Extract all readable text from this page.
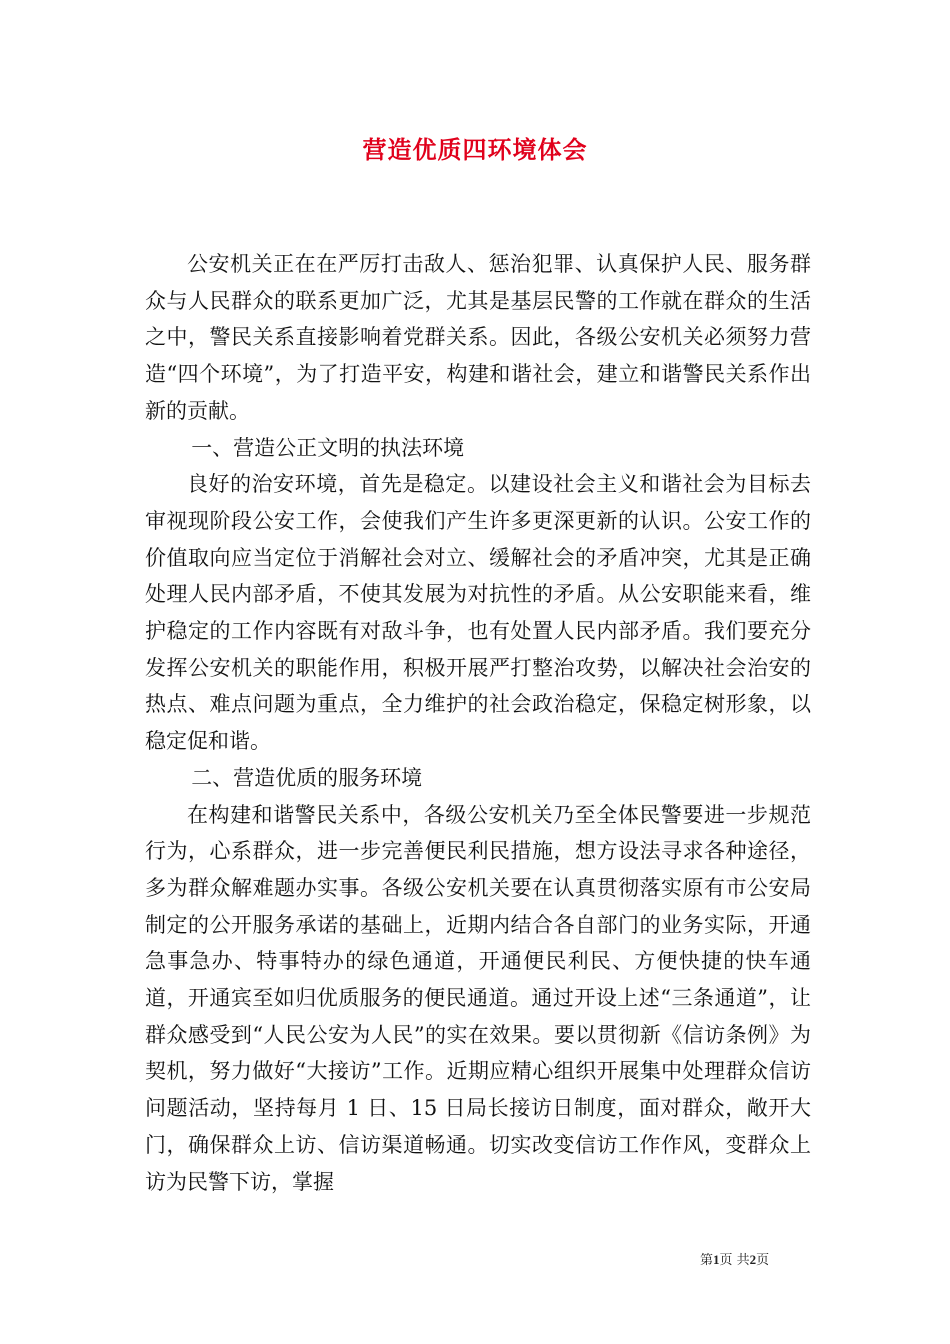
营造优质四环境体会

公安机关正在在严厉打击敌人、惩治犯罪、认真保护人民、服务群众与人民群众的联系更加广泛，尤其是基层民警的工作就在群众的生活之中，警民关系直接影响着党群关系。因此，各级公安机关必须努力营造“四个环境”，为了打造平安，构建和谐社会，建立和谐警民关系作出新的贡献。

一、营造公正文明的执法环境

良好的治安环境，首先是稳定。以建设社会主义和谐社会为目标去审视现阶段公安工作，会使我们产生许多更深更新的认识。公安工作的价值取向应当定位于消解社会对立、缓解社会的矛盾冲突，尤其是正确处理人民内部矛盾，不使其发展为对抗性的矛盾。从公安职能来看，维护稳定的工作内容既有对敌斗争，也有处置人民内部矛盾。我们要充分发挥公安机关的职能作用，积极开展严打整治攻势，以解决社会治安的热点、难点问题为重点，全力维护的社会政治稳定，保稳定树形象，以稳定促和谐。

二、营造优质的服务环境

在构建和谐警民关系中，各级公安机关乃至全体民警要进一步规范行为，心系群众，进一步完善便民利民措施，想方设法寻求各种途径，多为群众解难题办实事。各级公安机关要在认真贯彻落实原有市公安局制定的公开服务承诺的基础上，近期内结合各自部门的业务实际，开通急事急办、特事特办的绿色通道，开通便民利民、方便快捷的快车通道，开通宾至如归优质服务的便民通道。通过开设上述“三条通道”，让群众感受到“人民公安为人民”的实在效果。要以贯彻新《信访条例》为契机，努力做好“大接访”工作。近期应精心组织开展集中处理群众信访问题活动，坚持每月 1 日、15 日局长接访日制度，面对群众，敞开大门，确保群众上访、信访渠道畅通。切实改变信访工作作风，变群众上访为民警下访，掌握

第1页 共2页
